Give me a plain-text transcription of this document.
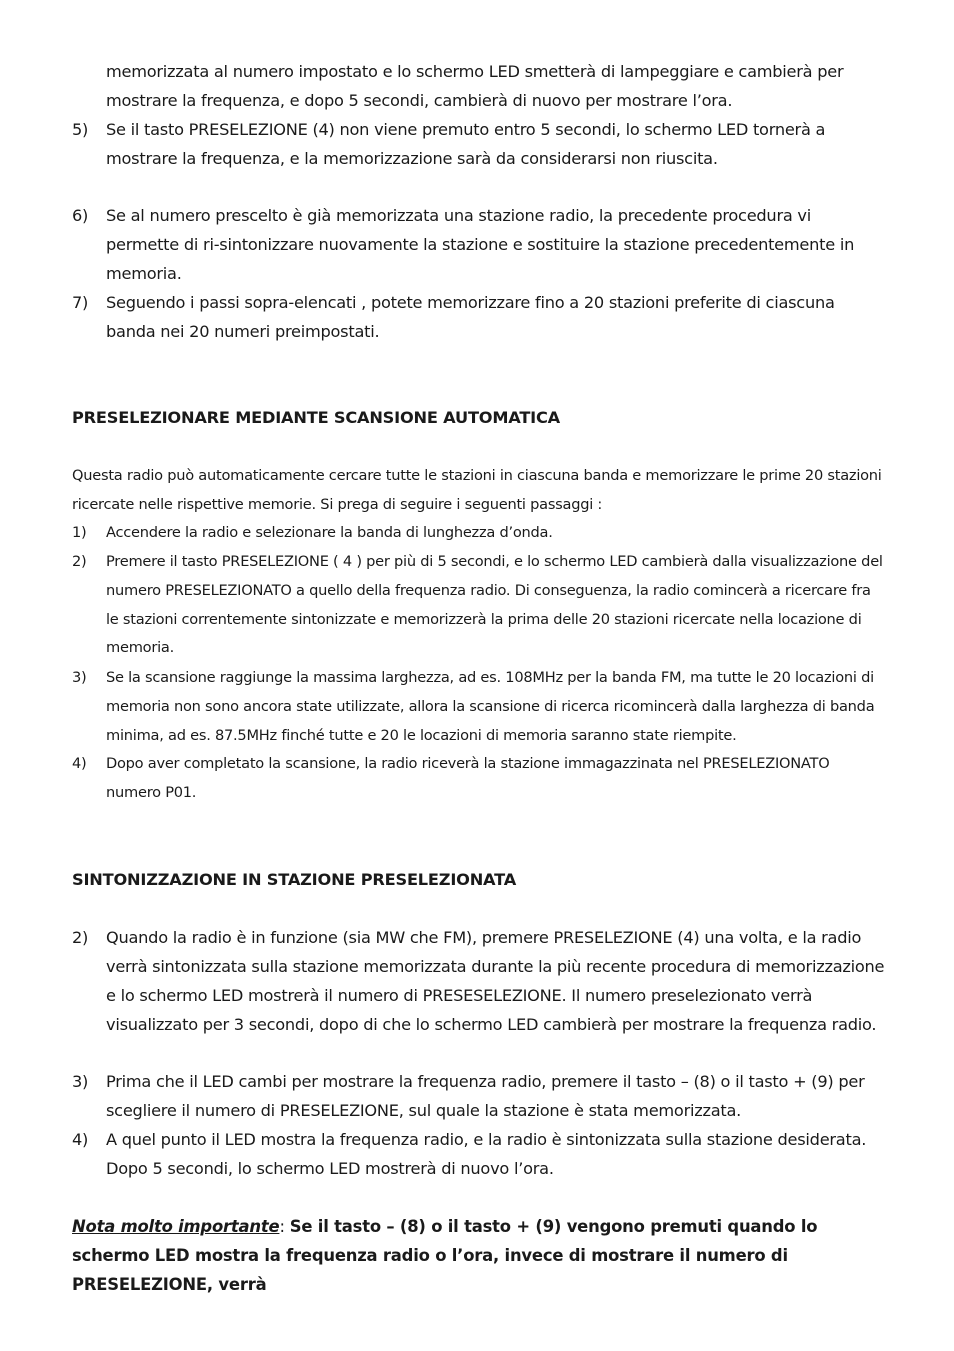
memorizzata al numero impostato e lo schermo LED smetterà di lampeggiare e cambierà per mostrare la frequenza, e dopo 5 secondi, cambierà di nuovo per mostrare l’ora.

5) Se il tasto PRESELEZIONE (4) non viene premuto entro 5 secondi, lo schermo LED tornerà a mostrare la frequenza, e la memorizzazione sarà da considerarsi non riuscita.
6) Se al numero prescelto è già memorizzata una stazione radio, la precedente procedura vi permette di ri-sintonizzare nuovamente la stazione e sostituire la stazione precedentemente in memoria.
7) Seguendo i passi sopra-elencati , potete memorizzare fino a 20 stazioni preferite di ciascuna banda nei 20 numeri preimpostati.

PRESELEZIONARE MEDIANTE SCANSIONE AUTOMATICA

Questa radio può automaticamente cercare tutte le stazioni in ciascuna banda e memorizzare le prime 20 stazioni ricercate nelle rispettive memorie. Si prega di seguire i seguenti passaggi :

1) Accendere la radio e selezionare la banda di lunghezza d’onda.
2) Premere il tasto PRESELEZIONE ( 4 ) per più di 5 secondi, e lo schermo LED cambierà dalla visualizzazione del numero PRESELEZIONATO a quello della frequenza radio. Di conseguenza, la radio comincerà a ricercare fra le stazioni correntemente sintonizzate e memorizzerà la prima delle 20 stazioni ricercate nella locazione di memoria.
3) Se la scansione raggiunge la massima larghezza, ad es. 108MHz per la banda FM, ma tutte le 20 locazioni di memoria non sono ancora state utilizzate, allora la scansione di ricerca ricomincerà dalla larghezza di banda minima, ad es. 87.5MHz finché tutte e 20 le locazioni di memoria saranno state riempite.
4) Dopo aver completato la scansione, la radio riceverà la stazione immagazzinata nel PRESELEZIONATO numero P01.

SINTONIZZAZIONE IN STAZIONE PRESELEZIONATA

2) Quando la radio è in funzione (sia MW che FM), premere PRESELEZIONE (4) una volta, e la radio verrà sintonizzata sulla stazione memorizzata durante la più recente procedura di memorizzazione e lo schermo LED mostrerà il numero di PRESESELEZIONE. Il numero preselezionato verrà visualizzato per 3 secondi, dopo di che lo schermo LED cambierà per mostrare la frequenza radio.
3) Prima che il LED cambi per mostrare la frequenza radio, premere il tasto – (8) o il tasto + (9) per scegliere il numero di PRESELEZIONE, sul quale la stazione è stata memorizzata.
4) A quel punto il LED mostra la frequenza radio, e la radio è sintonizzata sulla stazione desiderata. Dopo 5 secondi, lo schermo LED mostrerà di nuovo l’ora.

Nota molto importante: Se il tasto – (8) o il tasto + (9) vengono premuti quando lo schermo LED mostra la frequenza radio o l’ora, invece di mostrare il numero di PRESELEZIONE, verrà
